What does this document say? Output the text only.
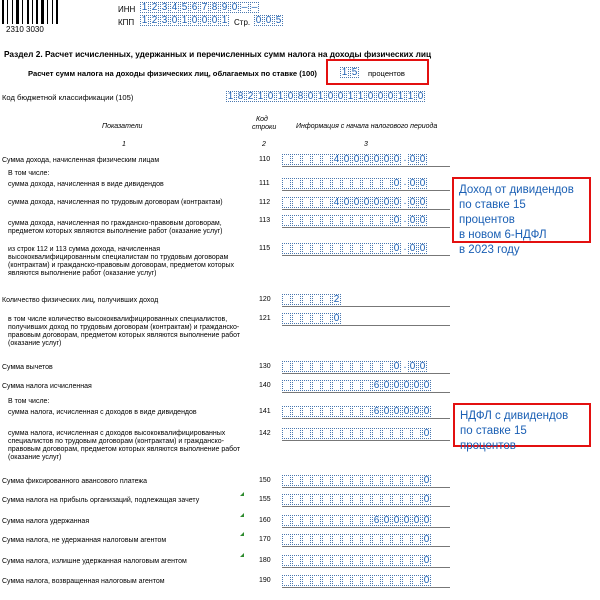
2310 3030
ИНН 1 2 3 4 5 6 7 8 9 0 – –
КПП 1 2 3 0 1 0 0 0 1 Стр. 0 0 5
Раздел 2. Расчет исчисленных, удержанных и перечисленных сумм налога на доходы физических лиц
Расчет сумм налога на доходы физических лиц, облагаемых по ставке (100) 1 5 процентов
Код бюджетной классификации (105)	1 8 2 1 0 1 0 8 0 1 0 0 1 1 0 0 0 1 1 0
Показатели
Код
строки	Информация с начала налогового периода
1	2	3
Сумма дохода, начисленная физическим лицам	110	4 0 0 0 0 0 0 . 0 0
В том числе:
сумма дохода, начисленная в виде дивидендов	111	0 . 0 0
сумма дохода, начисленная по трудовым договорам (контрактам)	112	4 0 0 0 0 0 0 . 0 0
сумма дохода, начисленная по гражданско-правовым договорам, предметом которых являются выполнение работ (оказание услуг)
113	0 . 0 0
из строк 112 и 113 сумма дохода, начисленная высококвалифицированным специалистам по трудовым договорам (контрактам) и гражданско-правовым договорам, предметом которых являются выполнение работ (оказание услуг)
115	0 . 0 0
Количество физических лиц, получивших доход	120	2
в том числе количество высококвалифицированных специалистов, получивших доход по трудовым договорам (контрактам) и гражданско-правовым договорам, предметом которых являются выполнение работ (оказание услуг)
121	0
Сумма вычетов	130	0 . 0 0
Сумма налога исчисленная	140	6 0 0 0 0 0
В том числе:
сумма налога, исчисленная с доходов в виде дивидендов	141	6 0 0 0 0 0
сумма налога, исчисленная с доходов высококвалифицированных специалистов по трудовым договорам (контрактам) и гражданско-правовым договорам, предметом которых являются выполнение работ (оказание услуг)
142	0
Сумма фиксированного авансового платежа	150	0
Сумма налога на прибыль организаций, подлежащая зачету	155	0
Сумма налога удержанная	160	6 0 0 0 0 0
Сумма налога, не удержанная налоговым агентом	170	0
Сумма налога, излишне удержанная налоговым агентом	180	0
Сумма налога, возвращенная налоговым агентом	190	0
Доход от дивидендов
по ставке 15 процентов
в новом 6-НДФЛ
в 2023 году
НДФЛ с дивидендов
по ставке 15 процентов
